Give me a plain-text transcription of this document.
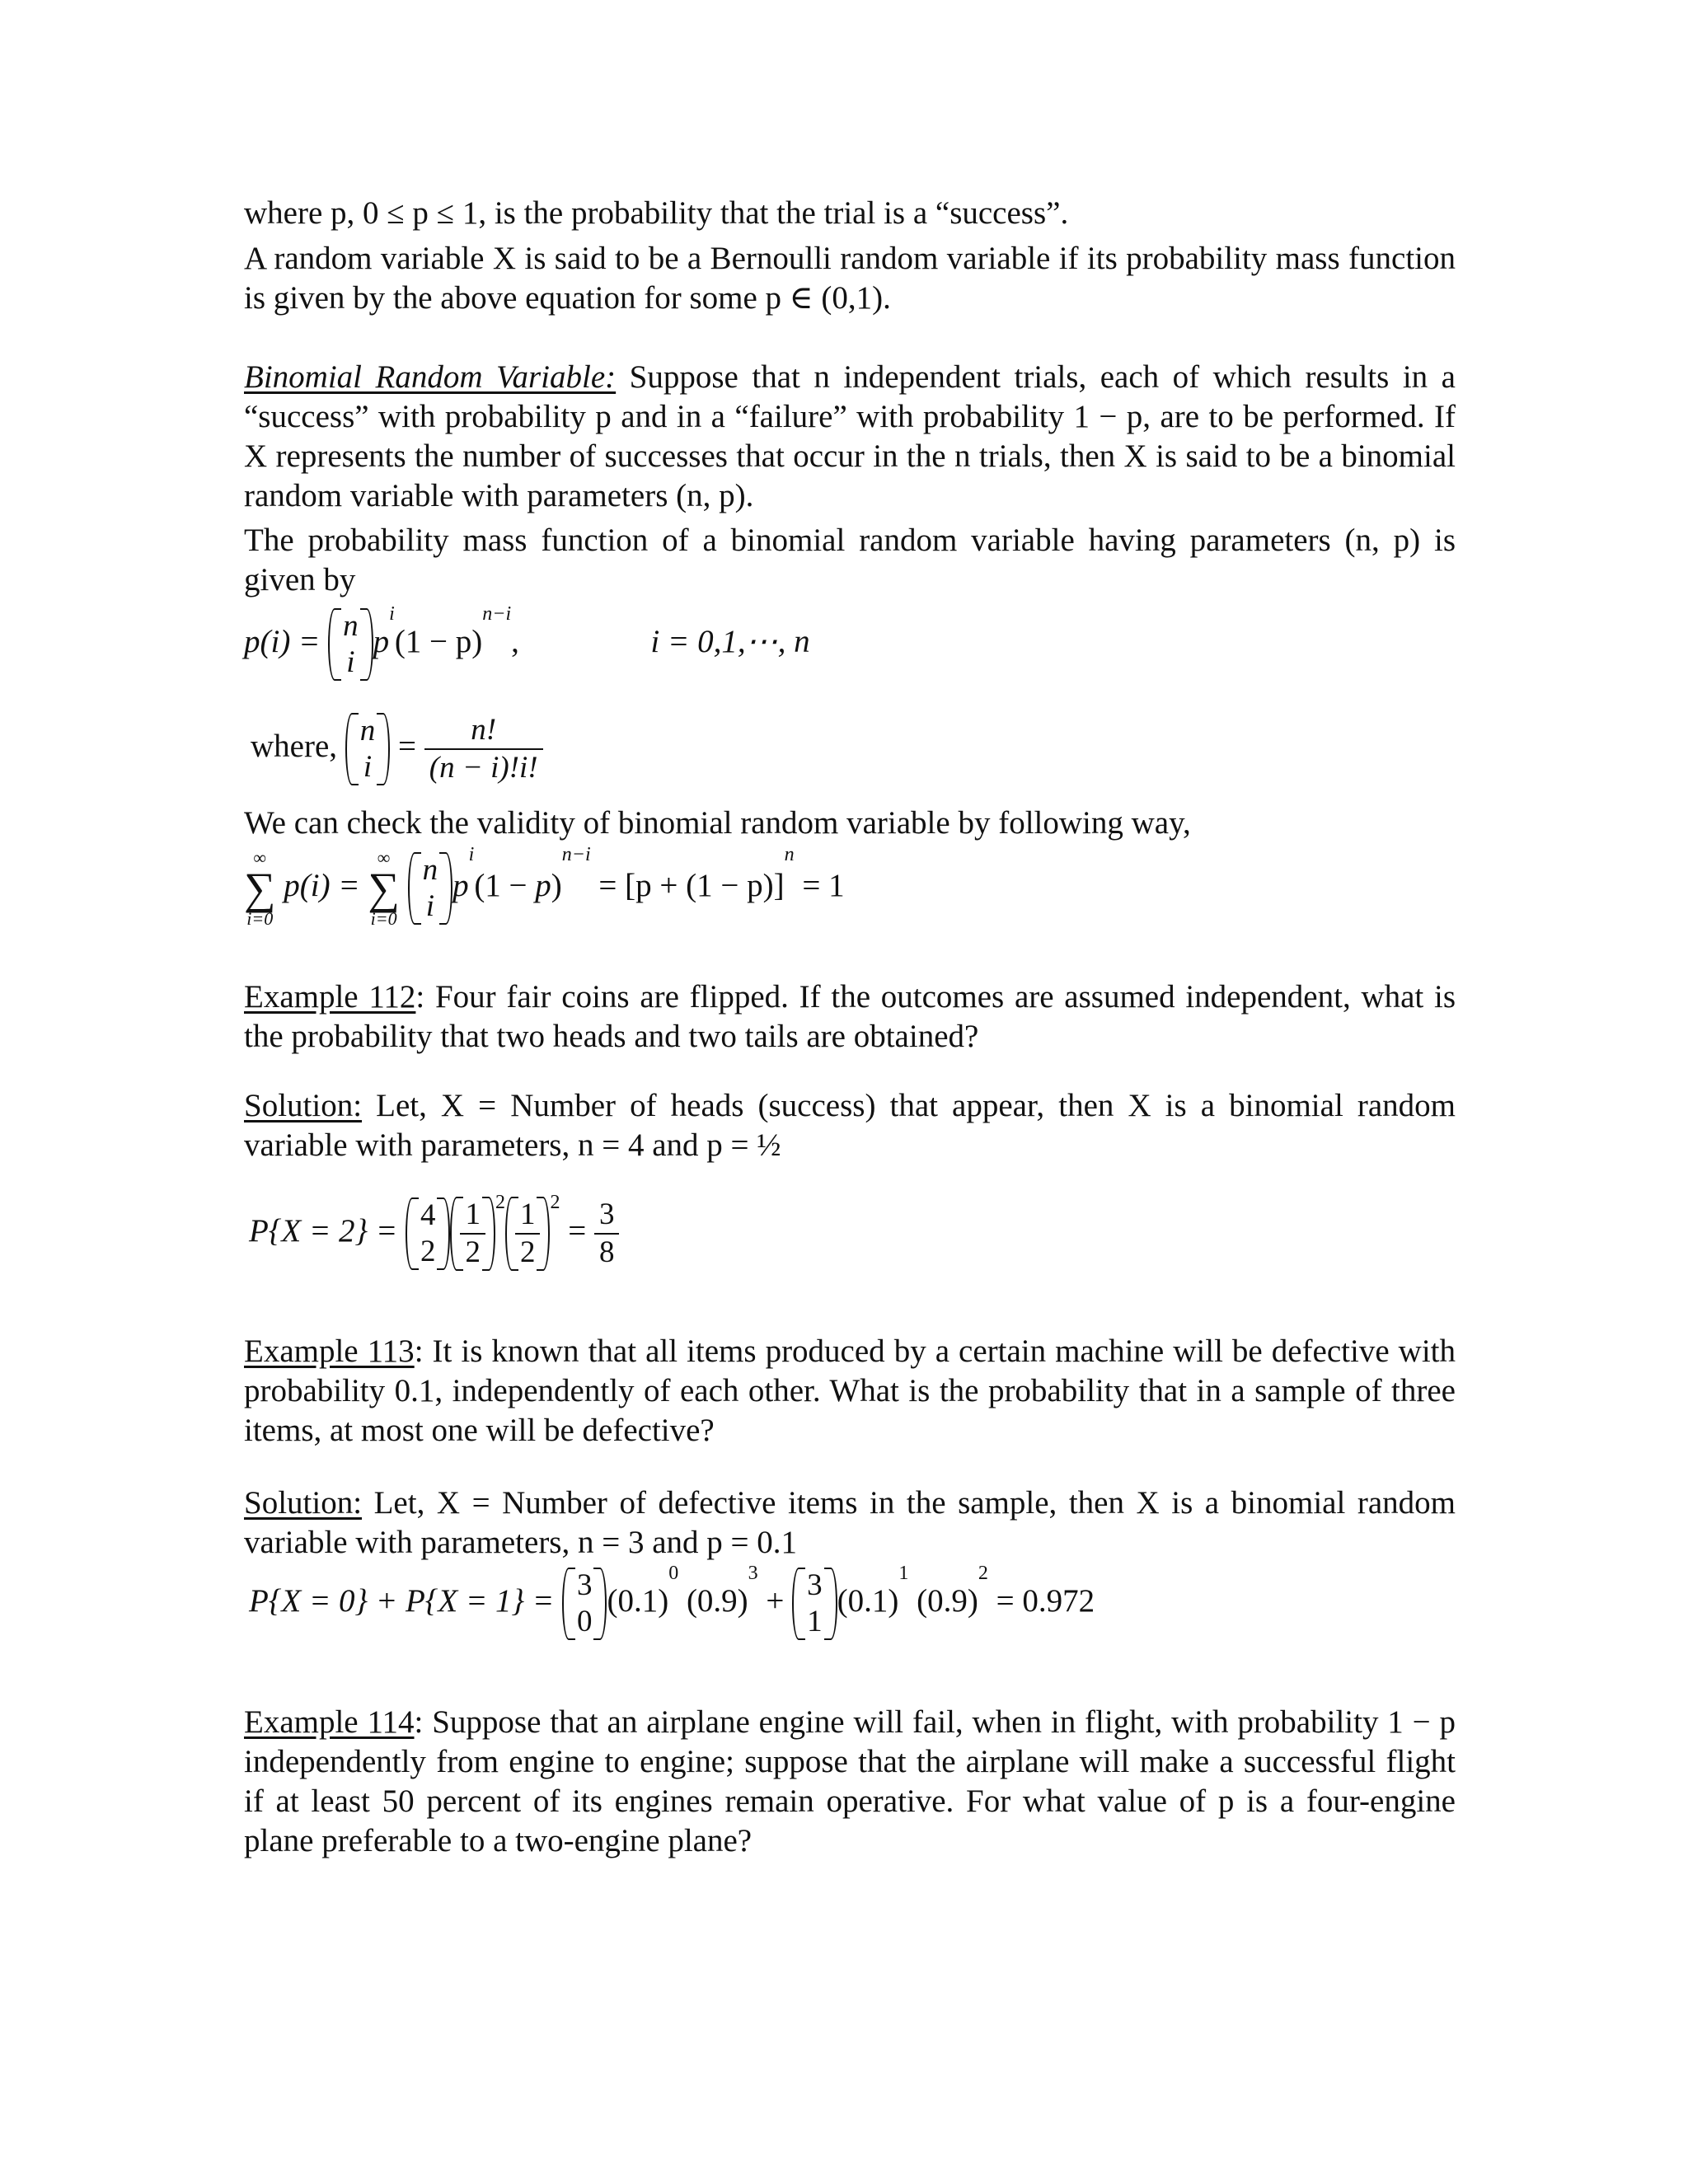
where p, 0 ≤ p ≤ 1, is the probability that the trial is a “success”.

A random variable X is said to be a Bernoulli random variable if its probability mass function is given by the above equation for some p ∈ (0,1).

Binomial Random Variable: Suppose that n independent trials, each of which results in a “success” with probability p and in a “failure” with probability 1 − p, are to be performed. If X represents the number of successes that occur in the n trials, then X is said to be a binomial random variable with parameters (n, p).

The probability mass function of a binomial random variable having parameters (n, p) is given by

p(i) = n
i
$p^i(1 - p)^{n-i}$,	i = 0,1,⋯, n
where, n
i
= $\frac{n!}{(n - i)!i!}$
We can check the validity of binomial random variable by following way,
∞
∑
i=0
p(i) =
∞
∑
i=0

n
i
$p^i(1 - p)^{n-i} = [p + (1 - p)]^n = 1$

Example 112: Four fair coins are flipped. If the outcomes are assumed independent, what is the probability that two heads and two tails are obtained?

Solution: Let, X = Number of heads (success) that appear, then X is a binomial random variable with parameters, n = 4 and p = ½

P{X = 2} = 4
$2 \frac{1}{2} ^2 \frac{1}{2} ^2 = \frac{3}{8}$

Example 113: It is known that all items produced by a certain machine will be defective with probability 0.1, independently of each other. What is the probability that in a sample of three items, at most one will be defective?

Solution: Let, X = Number of defective items in the sample, then X is a binomial random variable with parameters, n = 3 and p = 0.1

P{X = 0} + P{X = 1} = 3
0
$(0.1)^0$ $(0.9)^3 + 3$
1
$(0.1)^1$ $(0.9)^2 = 0.972$

Example 114: Suppose that an airplane engine will fail, when in flight, with probability 1 − p independently from engine to engine; suppose that the airplane will make a successful flight if at least 50 percent of its engines remain operative. For what value of p is a four-engine plane preferable to a two-engine plane?
